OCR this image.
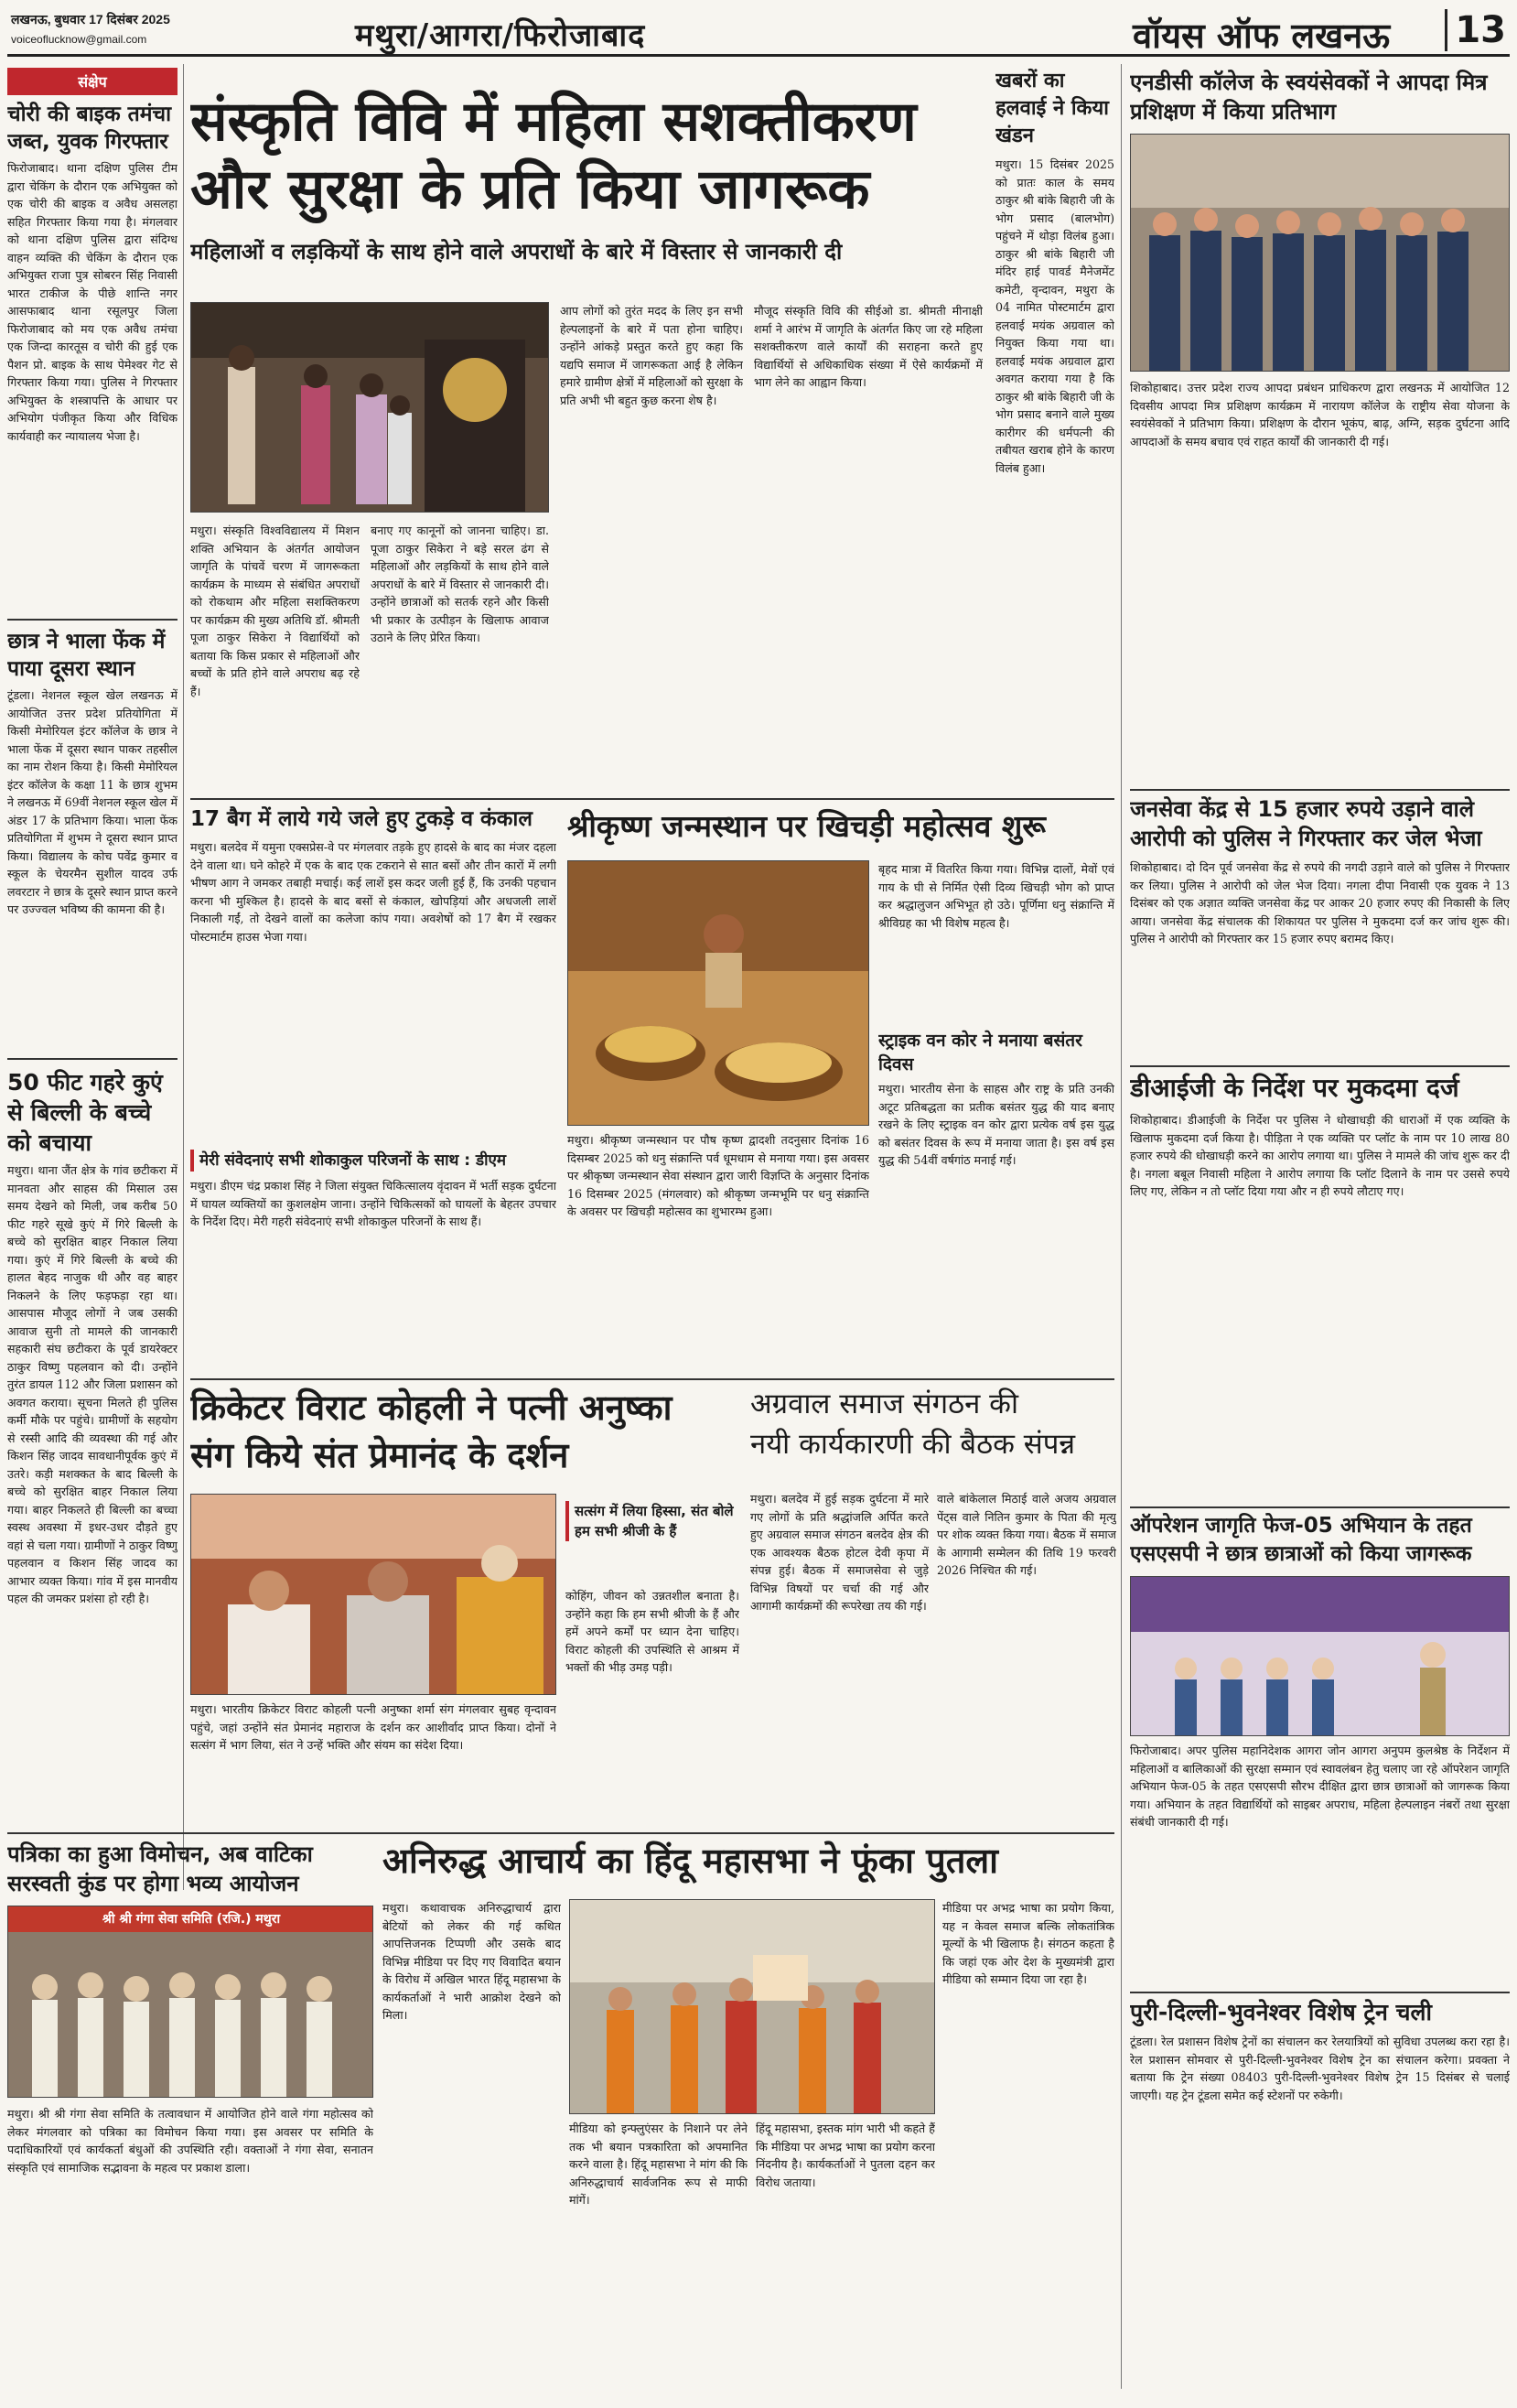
लखनऊ, बुधवार 17 दिसंबर 2025
voiceoflucknow@gmail.com	मथुरा/आगरा/फिरोजाबाद	वॉयस ऑफ लखनऊ 13
संक्षेप
चोरी की बाइक तमंचा जब्त, युवक गिरफ्तार
फिरोजाबाद। थाना दक्षिण पुलिस टीम द्वारा चेकिंग के दौरान एक अभियुक्त को एक चोरी की बाइक व अवैध असलहा सहित गिरफ्तार किया गया है। मंगलवार को थाना दक्षिण पुलिस द्वारा संदिग्ध वाहन व्यक्ति की चेकिंग के दौरान एक अभियुक्त राजा पुत्र सोबरन सिंह निवासी भारत टाकीज के पीछे शान्ति नगर आसफाबाद थाना रसूलपुर जिला फिरोजाबाद को मय एक अवैध तमंचा एक जिन्दा कारतूस व चोरी की हुई एक पैशन प्रो. बाइक के साथ पेमेश्वर गेट से गिरफ्तार किया गया। पुलिस ने गिरफ्तार अभियुक्त के शस्त्रापत्ति के आधार पर अभियोग पंजीकृत किया और विधिक कार्यवाही कर न्यायालय भेजा है।
छात्र ने भाला फेंक में पाया दूसरा स्थान
टूंडला। नेशनल स्कूल खेल लखनऊ में आयोजित उत्तर प्रदेश प्रतियोगिता में किसी मेमोरियल इंटर कॉलेज के छात्र ने भाला फेंक में दूसरा स्थान पाकर तहसील का नाम रोशन किया है। किसी मेमोरियल इंटर कॉलेज के कक्षा 11 के छात्र शुभम ने लखनऊ में 69वीं नेशनल स्कूल खेल में अंडर 17 के प्रतिभाग किया। भाला फेंक प्रतियोगिता में शुभम ने दूसरा स्थान प्राप्त किया। विद्यालय के कोच पवेंद्र कुमार व स्कूल के चेयरमैन सुशील यादव उर्फ लवरटार ने छात्र के दूसरे स्थान प्राप्त करने पर उज्ज्वल भविष्य की कामना की है।
50 फीट गहरे कुएं से बिल्ली के बच्चे को बचाया
मथुरा। थाना जैंत क्षेत्र के गांव छटीकरा में मानवता और साहस की मिसाल उस समय देखने को मिली, जब करीब 50 फीट गहरे सूखे कुएं में गिरे बिल्ली के बच्चे को सुरक्षित बाहर निकाल लिया गया। कुएं में गिरे बिल्ली के बच्चे की हालत बेहद नाजुक थी और वह बाहर निकलने के लिए फड़फड़ा रहा था। आसपास मौजूद लोगों ने जब उसकी आवाज सुनी तो मामले की जानकारी सहकारी संघ छटीकरा के पूर्व डायरेक्टर ठाकुर विष्णु पहलवान को दी। उन्होंने तुरंत डायल 112 और जिला प्रशासन को अवगत कराया। सूचना मिलते ही पुलिस कर्मी मौके पर पहुंचे। ग्रामीणों के सहयोग से रस्सी आदि की व्यवस्था की गई और किशन सिंह जादव सावधानीपूर्वक कुएं में उतरे। कड़ी मशक्कत के बाद बिल्ली के बच्चे को सुरक्षित बाहर निकाल लिया गया। बाहर निकलते ही बिल्ली का बच्चा स्वस्थ अवस्था में इधर-उधर दौड़ते हुए वहां से चला गया। ग्रामीणों ने ठाकुर विष्णु पहलवान व किशन सिंह जादव का आभार व्यक्त किया। गांव में इस मानवीय पहल की जमकर प्रशंसा हो रही है।
संस्कृति विवि में महिला सशक्तीकरण
और सुरक्षा के प्रति किया जागरूक
महिलाओं व लड़कियों के साथ होने वाले अपराधों के बारे में विस्तार से जानकारी दी
मथुरा। संस्कृति विश्वविद्यालय में मिशन शक्ति अभियान के अंतर्गत आयोजन जागृति के पांचवें चरण में जागरूकता कार्यक्रम के माध्यम से संबंधित अपराधों को रोकथाम और महिला सशक्तिकरण पर कार्यक्रम की मुख्य अतिथि डॉ. श्रीमती पूजा ठाकुर सिकेरा ने विद्यार्थियों को बताया कि किस प्रकार से महिलाओं और बच्चों के प्रति होने वाले अपराध बढ़ रहे हैं।
बनाए गए कानूनों को जानना चाहिए। डा. पूजा ठाकुर सिकेरा ने बड़े सरल ढंग से महिलाओं और लड़कियों के साथ होने वाले अपराधों के बारे में विस्तार से जानकारी दी। उन्होंने छात्राओं को सतर्क रहने और किसी भी प्रकार के उत्पीड़न के खिलाफ आवाज उठाने के लिए प्रेरित किया।
आप लोगों को तुरंत मदद के लिए इन सभी हेल्पलाइनों के बारे में पता होना चाहिए। उन्होंने आंकड़े प्रस्तुत करते हुए कहा कि यद्यपि समाज में जागरूकता आई है लेकिन हमारे ग्रामीण क्षेत्रों में महिलाओं को सुरक्षा के प्रति अभी भी बहुत कुछ करना शेष है।
मौजूद संस्कृति विवि की सीईओ डा. श्रीमती मीनाक्षी शर्मा ने आरंभ में जागृति के अंतर्गत किए जा रहे महिला सशक्तीकरण वाले कार्यों की सराहना करते हुए विद्यार्थियों से अधिकाधिक संख्या में ऐसे कार्यक्रमों में भाग लेने का आह्वान किया।
खबरों का हलवाई ने किया खंडन
मथुरा। 15 दिसंबर 2025 को प्रातः काल के समय ठाकुर श्री बांके बिहारी जी के भोग प्रसाद (बालभोग) पहुंचने में थोड़ा विलंब हुआ। ठाकुर श्री बांके बिहारी जी मंदिर हाई पावर्ड मैनेजमेंट कमेटी, वृन्दावन, मथुरा के 04 नामित पोस्टमार्टम द्वारा हलवाई मयंक अग्रवाल को नियुक्त किया गया था। हलवाई मयंक अग्रवाल द्वारा अवगत कराया गया है कि ठाकुर श्री बांके बिहारी जी के भोग प्रसाद बनाने वाले मुख्य कारीगर की धर्मपत्नी की तबीयत खराब होने के कारण विलंब हुआ।
एनडीसी कॉलेज के स्वयंसेवकों ने आपदा मित्र प्रशिक्षण में किया प्रतिभाग
शिकोहाबाद। उत्तर प्रदेश राज्य आपदा प्रबंधन प्राधिकरण द्वारा लखनऊ में आयोजित 12 दिवसीय आपदा मित्र प्रशिक्षण कार्यक्रम में नारायण कॉलेज के राष्ट्रीय सेवा योजना के स्वयंसेवकों ने प्रतिभाग किया। प्रशिक्षण के दौरान भूकंप, बाढ़, अग्नि, सड़क दुर्घटना आदि आपदाओं के समय बचाव एवं राहत कार्यों की जानकारी दी गई।
जनसेवा केंद्र से 15 हजार रुपये उड़ाने वाले आरोपी को पुलिस ने गिरफ्तार कर जेल भेजा
शिकोहाबाद। दो दिन पूर्व जनसेवा केंद्र से रुपये की नगदी उड़ाने वाले को पुलिस ने गिरफ्तार कर लिया। पुलिस ने आरोपी को जेल भेज दिया। नगला दीपा निवासी एक युवक ने 13 दिसंबर को एक अज्ञात व्यक्ति जनसेवा केंद्र पर आकर 20 हजार रुपए की निकासी के लिए आया। जनसेवा केंद्र संचालक की शिकायत पर पुलिस ने मुकदमा दर्ज कर जांच शुरू की। पुलिस ने आरोपी को गिरफ्तार कर 15 हजार रुपए बरामद किए।
डीआईजी के निर्देश पर मुकदमा दर्ज
शिकोहाबाद। डीआईजी के निर्देश पर पुलिस ने धोखाधड़ी की धाराओं में एक व्यक्ति के खिलाफ मुकदमा दर्ज किया है। पीड़िता ने एक व्यक्ति पर प्लॉट के नाम पर 10 लाख 80 हजार रुपये की धोखाधड़ी करने का आरोप लगाया था। पुलिस ने मामले की जांच शुरू कर दी है। नगला बबूल निवासी महिला ने आरोप लगाया कि प्लॉट दिलाने के नाम पर उससे रुपये लिए गए, लेकिन न तो प्लॉट दिया गया और न ही रुपये लौटाए गए।
ऑपरेशन जागृति फेज-05 अभियान के तहत एसएसपी ने छात्र छात्राओं को किया जागरूक
फिरोजाबाद। अपर पुलिस महानिदेशक आगरा जोन आगरा अनुपम कुलश्रेष्ठ के निर्देशन में महिलाओं व बालिकाओं की सुरक्षा सम्मान एवं स्वावलंबन हेतु चलाए जा रहे ऑपरेशन जागृति अभियान फेज-05 के तहत एसएसपी सौरभ दीक्षित द्वारा छात्र छात्राओं को जागरूक किया गया। अभियान के तहत विद्यार्थियों को साइबर अपराध, महिला हेल्पलाइन नंबरों तथा सुरक्षा संबंधी जानकारी दी गई।
पुरी-दिल्ली-भुवनेश्वर विशेष ट्रेन चली
टूंडला। रेल प्रशासन विशेष ट्रेनों का संचालन कर रेलयात्रियों को सुविधा उपलब्ध करा रहा है। रेल प्रशासन सोमवार से पुरी-दिल्ली-भुवनेश्वर विशेष ट्रेन का संचालन करेगा। प्रवक्ता ने बताया कि ट्रेन संख्या 08403 पुरी-दिल्ली-भुवनेश्वर विशेष ट्रेन 15 दिसंबर से चलाई जाएगी। यह ट्रेन टूंडला समेत कई स्टेशनों पर रुकेगी।
17 बैग में लाये गये जले हुए टुकड़े व कंकाल
मथुरा। बलदेव में यमुना एक्सप्रेस-वे पर मंगलवार तड़के हुए हादसे के बाद का मंजर दहला देने वाला था। घने कोहरे में एक के बाद एक टकराने से सात बसों और तीन कारों में लगी भीषण आग ने जमकर तबाही मचाई। कई लाशें इस कदर जली हुई हैं, कि उनकी पहचान करना भी मुश्किल है। हादसे के बाद बसों से कंकाल, खोपड़ियां और अधजली लाशें निकाली गईं, तो देखने वालों का कलेजा कांप गया। अवशेषों को 17 बैग में रखकर पोस्टमार्टम हाउस भेजा गया।
मेरी संवेदनाएं सभी शोकाकुल परिजनों के साथ : डीएम
मथुरा। डीएम चंद्र प्रकाश सिंह ने जिला संयुक्त चिकित्सालय वृंदावन में भर्ती सड़क दुर्घटना में घायल व्यक्तियों का कुशलक्षेम जाना। उन्होंने चिकित्सकों को घायलों के बेहतर उपचार के निर्देश दिए। मेरी गहरी संवेदनाएं सभी शोकाकुल परिजनों के साथ हैं।
श्रीकृष्ण जन्मस्थान पर खिचड़ी महोत्सव शुरू
बृहद मात्रा में वितरित किया गया। विभिन्न दालों, मेवों एवं गाय के घी से निर्मित ऐसी दिव्य खिचड़ी भोग को प्राप्त कर श्रद्धालुजन अभिभूत हो उठे। पूर्णिमा धनु संक्रान्ति में श्रीविग्रह का भी विशेष महत्व है।
स्ट्राइक वन कोर ने मनाया बसंतर दिवस
मथुरा। भारतीय सेना के साहस और राष्ट्र के प्रति उनकी अटूट प्रतिबद्धता का प्रतीक बसंतर युद्ध की याद बनाए रखने के लिए स्ट्राइक वन कोर द्वारा प्रत्येक वर्ष इस युद्ध को बसंतर दिवस के रूप में मनाया जाता है। इस वर्ष इस युद्ध की 54वीं वर्षगांठ मनाई गई।
मथुरा। श्रीकृष्ण जन्मस्थान पर पौष कृष्ण द्वादशी तदनुसार दिनांक 16 दिसम्बर 2025 को धनु संक्रान्ति पर्व धूमधाम से मनाया गया। इस अवसर पर श्रीकृष्ण जन्मस्थान सेवा संस्थान द्वारा जारी विज्ञप्ति के अनुसार दिनांक 16 दिसम्बर 2025 (मंगलवार) को श्रीकृष्ण जन्मभूमि पर धनु संक्रान्ति के अवसर पर खिचड़ी महोत्सव का शुभारम्भ हुआ।
क्रिकेटर विराट कोहली ने पत्नी अनुष्का
संग किये संत प्रेमानंद के दर्शन
सत्संग में लिया हिस्सा, संत बोले हम सभी श्रीजी के हैं
कोहिंग, जीवन को उन्नतशील बनाता है। उन्होंने कहा कि हम सभी श्रीजी के हैं और हमें अपने कर्मों पर ध्यान देना चाहिए। विराट कोहली की उपस्थिति से आश्रम में भक्तों की भीड़ उमड़ पड़ी।
मथुरा। भारतीय क्रिकेटर विराट कोहली पत्नी अनुष्का शर्मा संग मंगलवार सुबह वृन्दावन पहुंचे, जहां उन्होंने संत प्रेमानंद महाराज के दर्शन कर आशीर्वाद प्राप्त किया। दोनों ने सत्संग में भाग लिया, संत ने उन्हें भक्ति और संयम का संदेश दिया।
अग्रवाल समाज संगठन की
नयी कार्यकारणी की बैठक संपन्न
मथुरा। बलदेव में हुई सड़क दुर्घटना में मारे गए लोगों के प्रति श्रद्धांजलि अर्पित करते हुए अग्रवाल समाज संगठन बलदेव क्षेत्र की एक आवश्यक बैठक होटल देवी कृपा में संपन्न हुई। बैठक में समाजसेवा से जुड़े विभिन्न विषयों पर चर्चा की गई और आगामी कार्यक्रमों की रूपरेखा तय की गई।
वाले बांकेलाल मिठाई वाले अजय अग्रवाल पेंट्स वाले नितिन कुमार के पिता की मृत्यु पर शोक व्यक्त किया गया। बैठक में समाज के आगामी सम्मेलन की तिथि 19 फरवरी 2026 निश्चित की गई।
पत्रिका का हुआ विमोचन, अब वाटिका सरस्वती कुंड पर होगा भव्य आयोजन
श्री श्री गंगा सेवा समिति (रजि.) मथुरा
मथुरा। श्री श्री गंगा सेवा समिति के तत्वावधान में आयोजित होने वाले गंगा महोत्सव को लेकर मंगलवार को पत्रिका का विमोचन किया गया। इस अवसर पर समिति के पदाधिकारियों एवं कार्यकर्ता बंधुओं की उपस्थिति रही। वक्ताओं ने गंगा सेवा, सनातन संस्कृति एवं सामाजिक सद्भावना के महत्व पर प्रकाश डाला।
अनिरुद्ध आचार्य का हिंदू महासभा ने फूंका पुतला
मथुरा। कथावाचक अनिरुद्धाचार्य द्वारा बेटियों को लेकर की गई कथित आपत्तिजनक टिप्पणी और उसके बाद विभिन्न मीडिया पर दिए गए विवादित बयान के विरोध में अखिल भारत हिंदू महासभा के कार्यकर्ताओं ने भारी आक्रोश देखने को मिला।
मीडिया को इन्फ्लुएंसर के निशाने पर लेने तक भी बयान पत्रकारिता को अपमानित करने वाला है। हिंदू महासभा ने मांग की कि अनिरुद्धाचार्य सार्वजनिक रूप से माफी मांगें।
हिंदू महासभा, इस्तक मांग भारी भी कहते हैं कि मीडिया पर अभद्र भाषा का प्रयोग करना निंदनीय है। कार्यकर्ताओं ने पुतला दहन कर विरोध जताया।
मीडिया पर अभद्र भाषा का प्रयोग किया, यह न केवल समाज बल्कि लोकतांत्रिक मूल्यों के भी खिलाफ है। संगठन कहता है कि जहां एक ओर देश के मुख्यमंत्री द्वारा मीडिया को सम्मान दिया जा रहा है।
